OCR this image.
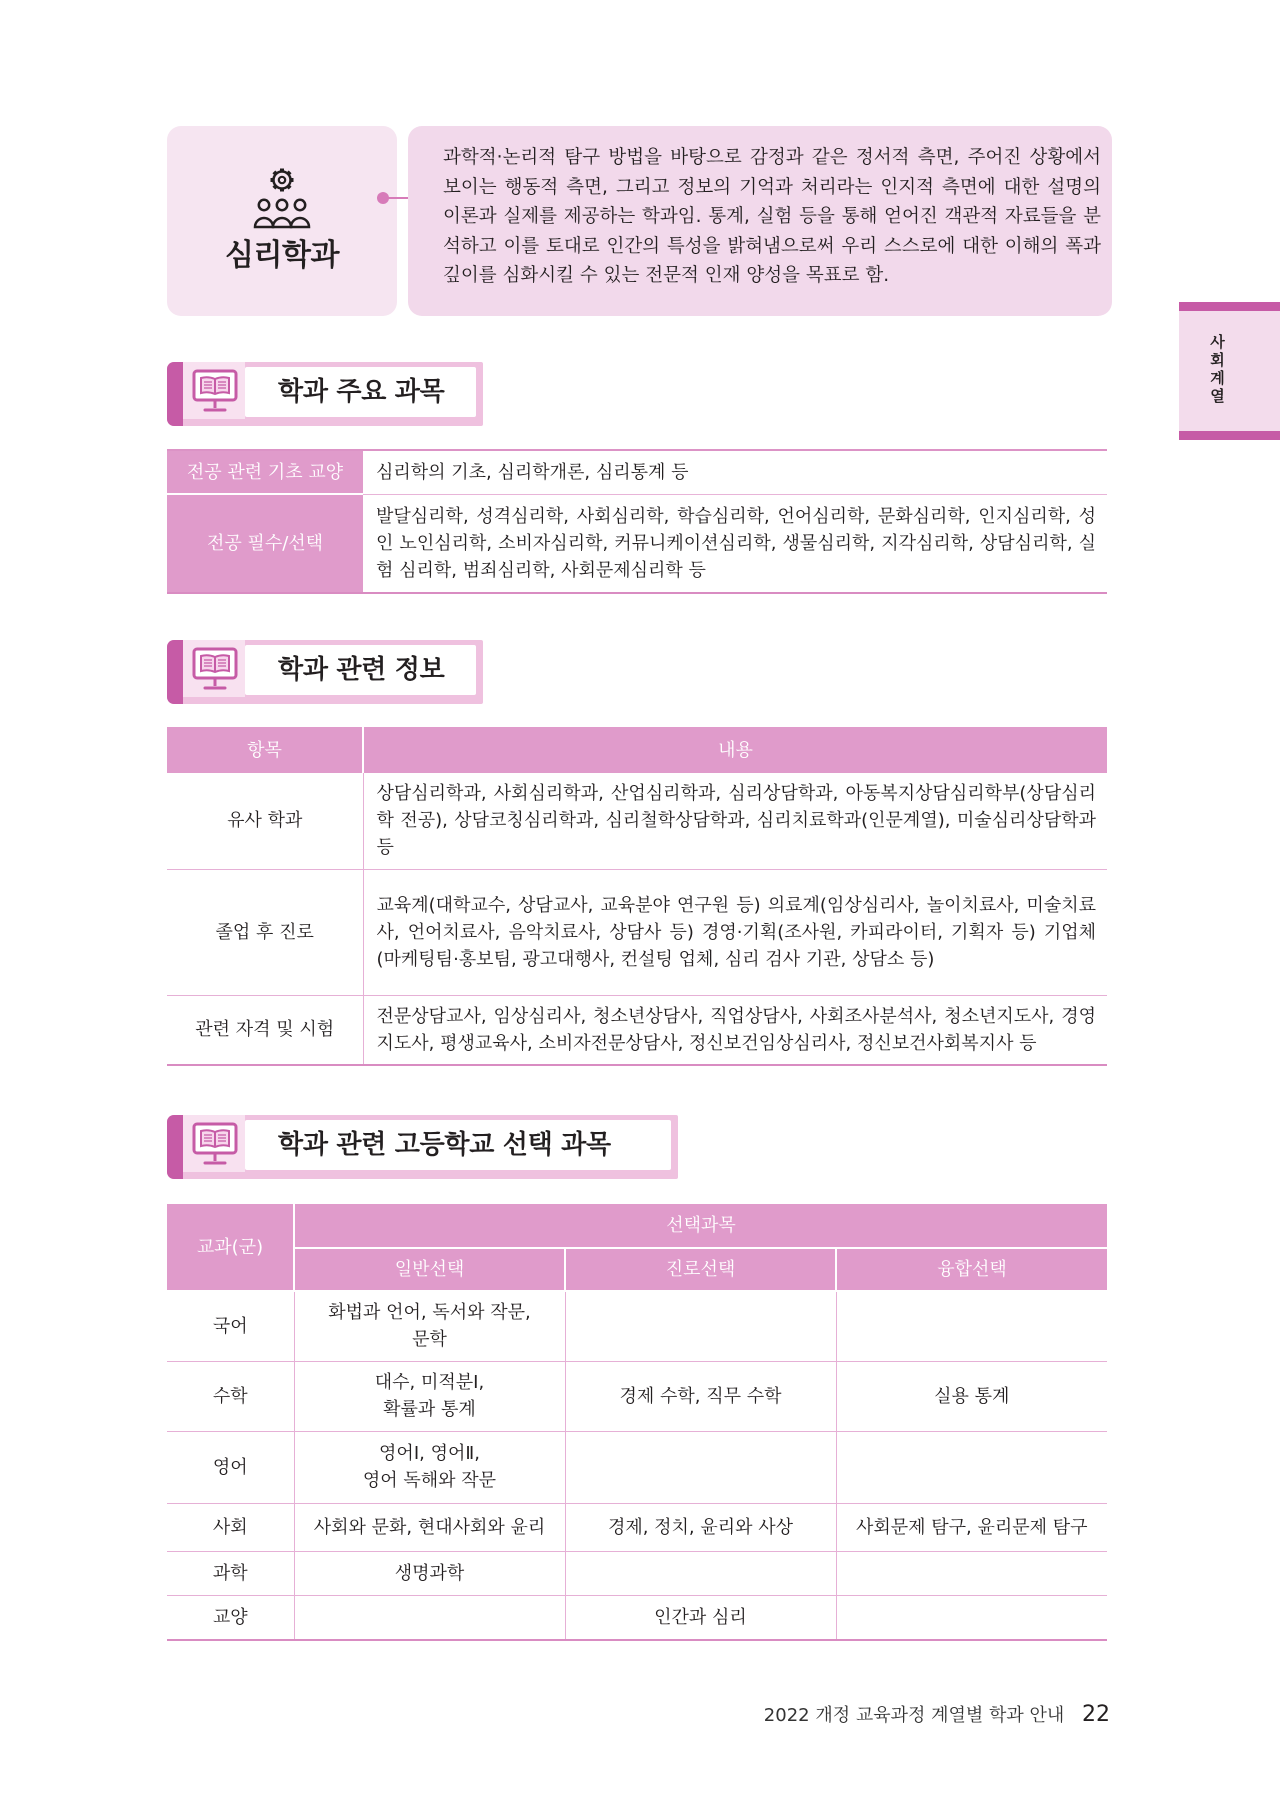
심리학과

과학적·논리적 탐구 방법을 바탕으로 감정과 같은 정서적 측면, 주어진 상황에서 보이는 행동적 측면, 그리고 정보의 기억과 처리라는 인지적 측면에 대한 설명의 이론과 실제를 제공하는 학과임. 통계, 실험 등을 통해 얻어진 객관적 자료들을 분석하고 이를 토대로 인간의 특성을 밝혀냄으로써 우리 스스로에 대한 이해의 폭과 깊이를 심화시킬 수 있는 전문적 인재 양성을 목표로 함.

사회계열
학과 주요 과목
전공 관련 기초 교양	심리학의 기초, 심리학개론, 심리통계 등
전공 필수/선택	발달심리학, 성격심리학, 사회심리학, 학습심리학, 언어심리학, 문화심리학, 인지심리학, 성인 노인심리학, 소비자심리학, 커뮤니케이션심리학, 생물심리학, 지각심리학, 상담심리학, 실험 심리학, 범죄심리학, 사회문제심리학 등
학과 관련 정보
항목	내용
유사 학과	상담심리학과, 사회심리학과, 산업심리학과, 심리상담학과, 아동복지상담심리학부(상담심리학 전공), 상담코칭심리학과, 심리철학상담학과, 심리치료학과(인문계열), 미술심리상담학과 등
졸업 후 진로	교육계(대학교수, 상담교사, 교육분야 연구원 등) 의료계(임상심리사, 놀이치료사, 미술치료사, 언어치료사, 음악치료사, 상담사 등) 경영·기획(조사원, 카피라이터, 기획자 등) 기업체(마케팅팀·홍보팀, 광고대행사, 컨설팅 업체, 심리 검사 기관, 상담소 등)
관련 자격 및 시험	전문상담교사, 임상심리사, 청소년상담사, 직업상담사, 사회조사분석사, 청소년지도사, 경영 지도사, 평생교육사, 소비자전문상담사, 정신보건임상심리사, 정신보건사회복지사 등
학과 관련 고등학교 선택 과목
교과(군)	선택과목		
	일반선택	진로선택	융합선택
국어	화법과 언어, 독서와 작문,
문학		

수학	대수, 미적분Ⅰ,
확률과 통계	경제 수학, 직무 수학	실용 통계

영어	영어Ⅰ, 영어Ⅱ,
영어 독해와 작문		

사회	사회와 문화, 현대사회와 윤리	경제, 정치, 윤리와 사상	사회문제 탐구, 윤리문제 탐구

과학	생명과학		

교양		인간과 심리	

2022 개정 교육과정 계열별 학과 안내 22
